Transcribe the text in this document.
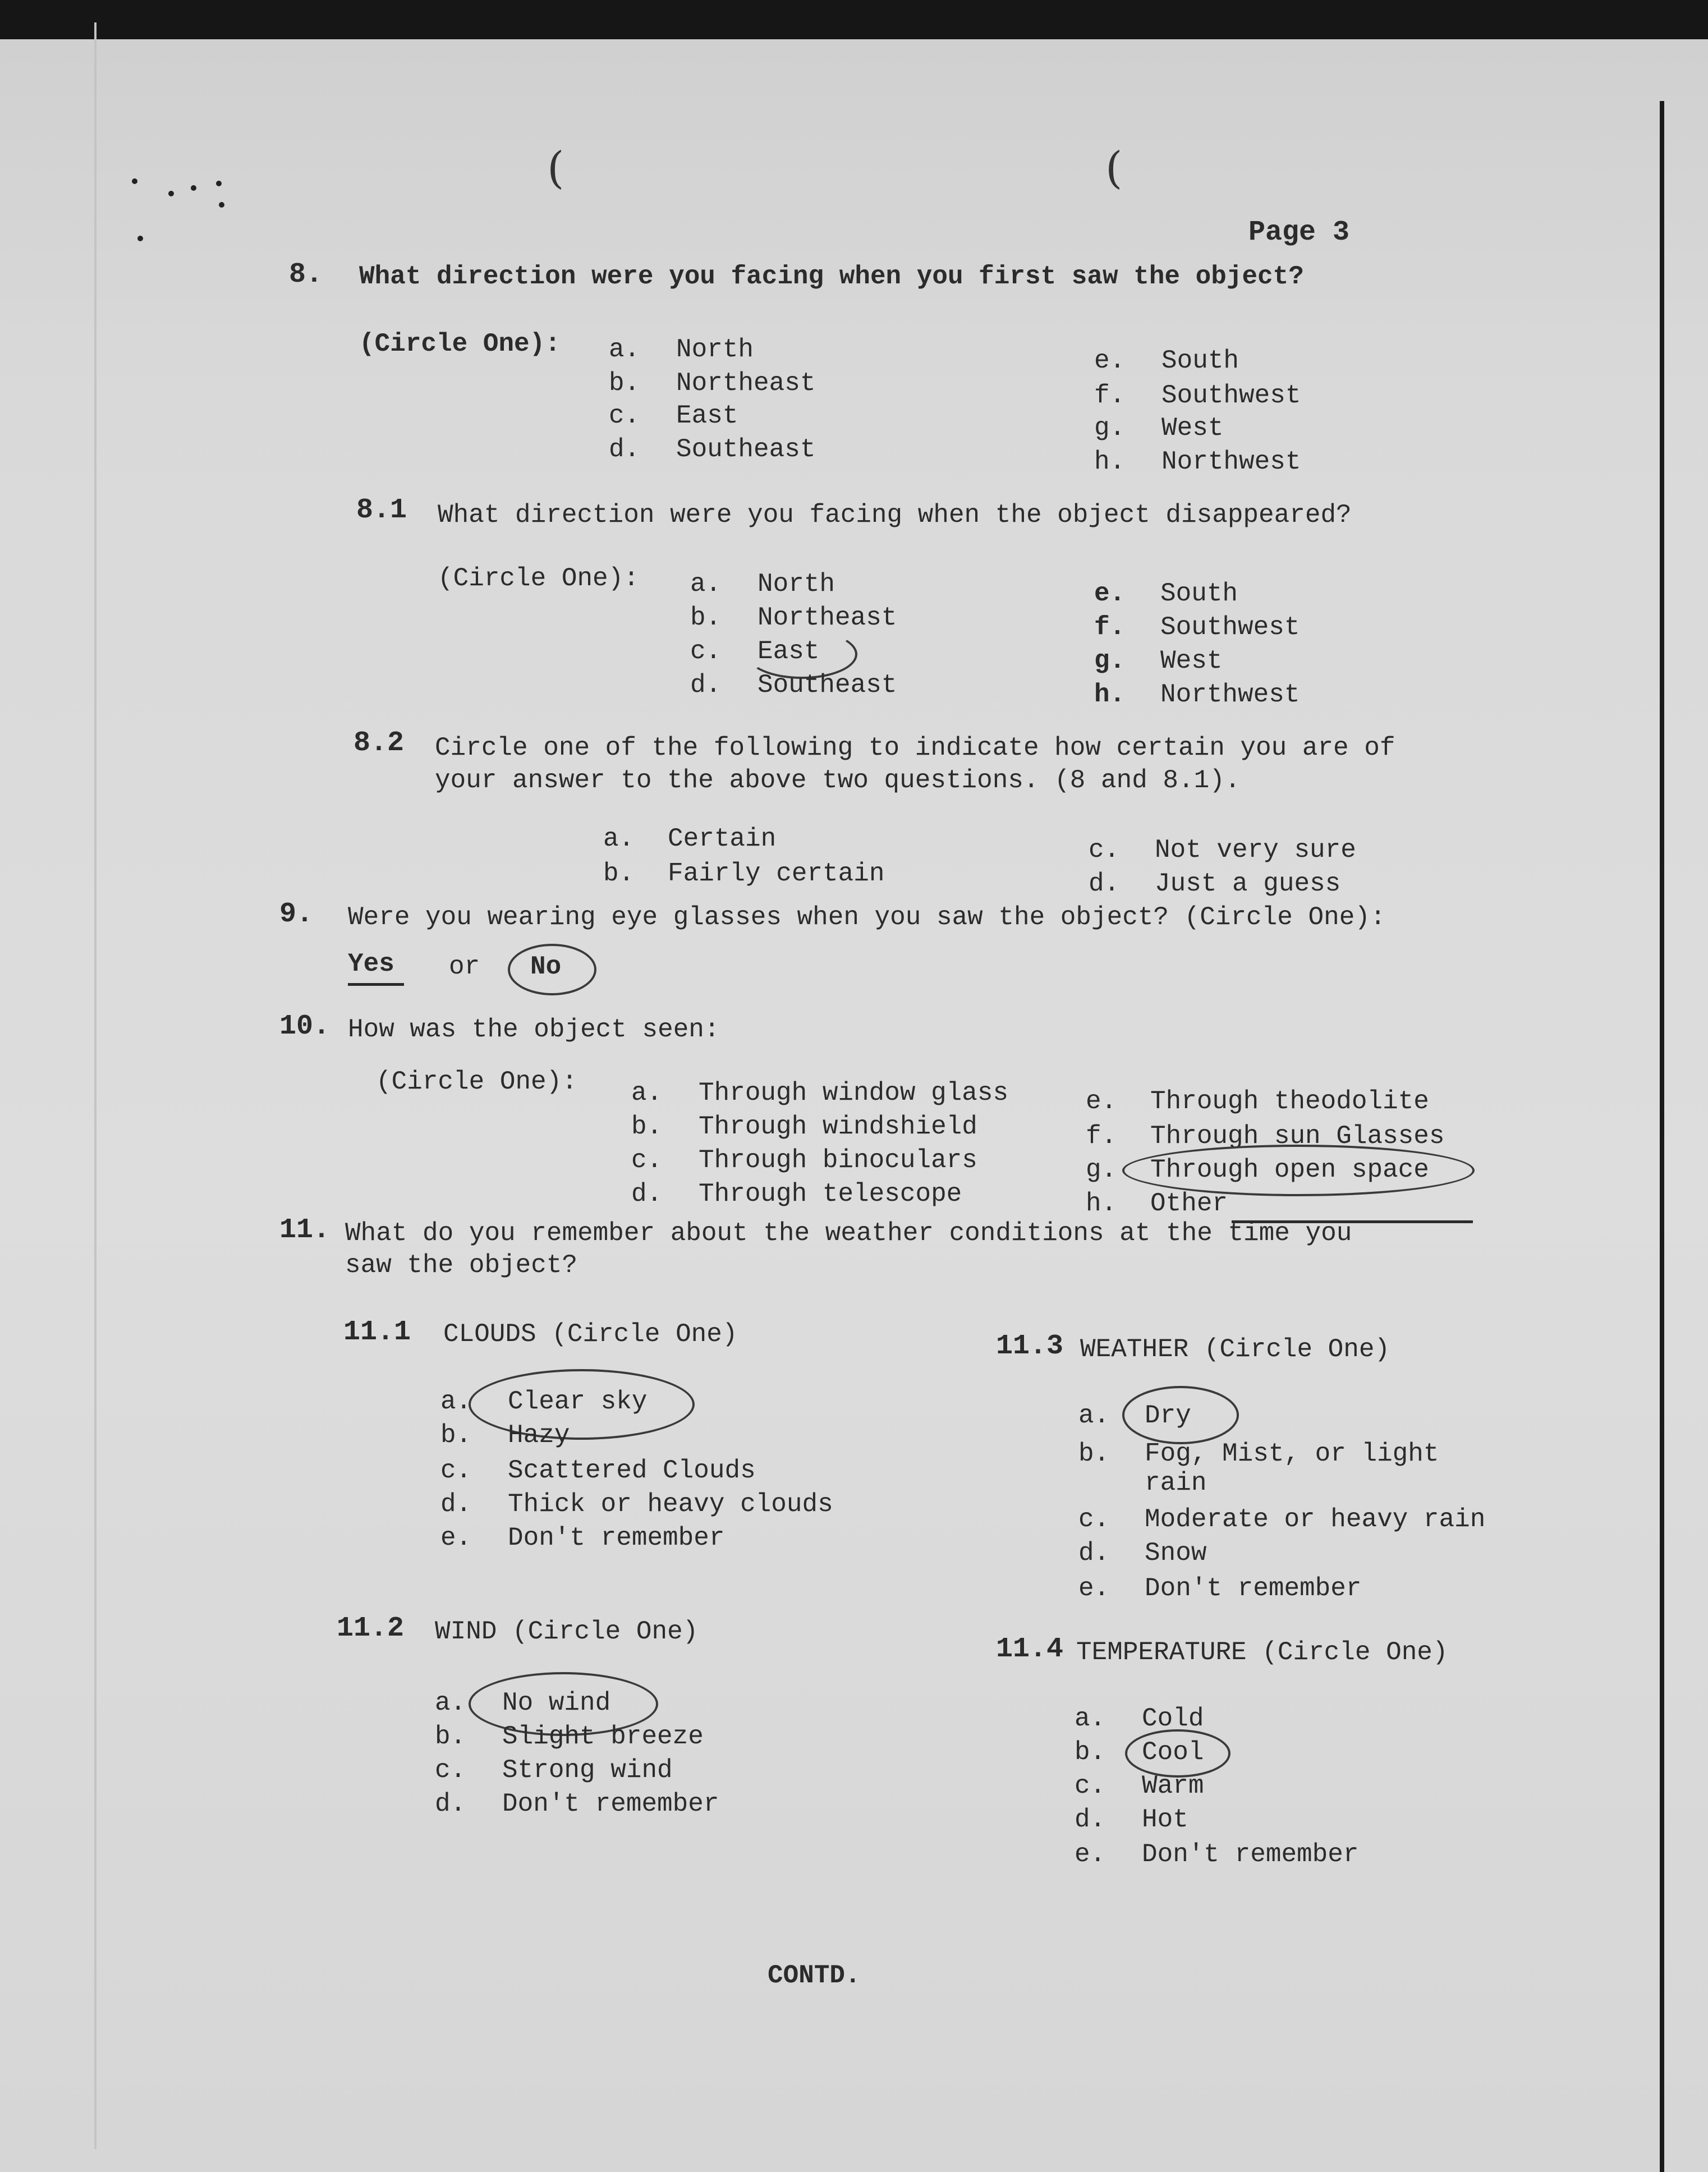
(	(
Page 3
8. What direction were you facing when you first saw the object?
(Circle One): a. North
b. Northeast
c. East
d. Southeast
e. South
f. Southwest
g. West
h. Northwest
8.1 What direction were you facing when the object disappeared?
(Circle One): a. North
b. Northeast
c. East
d. Southeast
e. South
f. Southwest
g. West
h. Northwest
8.2 Circle one of the following to indicate how certain you are of
your answer to the above two questions. (8 and 8.1).
a. Certain
b. Fairly certain
c. Not very sure
d. Just a guess
9. Were you wearing eye glasses when you saw the object? (Circle One):
Yes or No
10. How was the object seen:
(Circle One): a. Through window glass
b. Through windshield
c. Through binoculars
d. Through telescope
e. Through theodolite
f. Through sun Glasses
g. Through open space
h. Other
11. What do you remember about the weather conditions at the time you
saw the object?
11.1 CLOUDS (Circle One)
a. Clear sky
b. Hazy
c. Scattered Clouds
d. Thick or heavy clouds
e. Don't remember
11.2 WIND (Circle One)
a. No wind
b. Slight breeze
c. Strong wind
d. Don't remember
11.3 WEATHER (Circle One)
a. Dry
b. Fog, Mist, or light
rain
c. Moderate or heavy rain
d. Snow
e. Don't remember
11.4 TEMPERATURE (Circle One)
a. Cold
b. Cool
c. Warm
d. Hot
e. Don't remember
CONTD.
